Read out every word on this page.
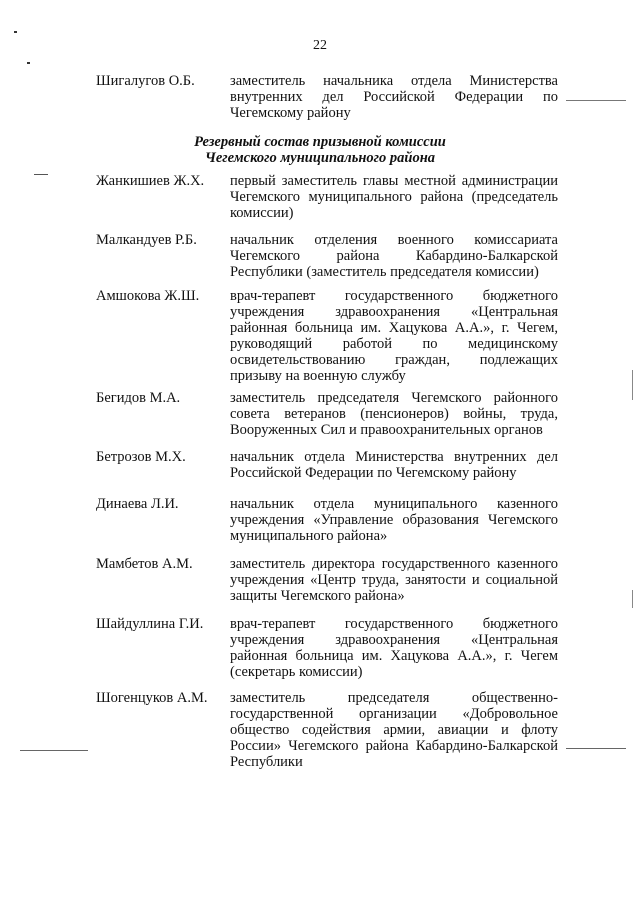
22
Шигалугов О.Б.	заместитель начальника отдела Министерства внутренних дел Российской Федерации по Чегемскому району
Резервный состав призывной комиссии
Чегемского муниципального района
Жанкишиев Ж.Х.	первый заместитель главы местной администрации Чегемского муниципального района (председатель комиссии)
Малкандуев Р.Б.	начальник отделения военного комиссариата Чегемского района Кабардино-Балкарской Республики (заместитель председателя комиссии)
Амшокова Ж.Ш.	врач-терапевт государственного бюджетного учреждения здравоохранения «Центральная районная больница им. Хацукова А.А.», г. Чегем, руководящий работой по медицинскому освидетельствованию граждан, подлежащих призыву на военную службу
Бегидов М.А.	заместитель председателя Чегемского районного совета ветеранов (пенсионеров) войны, труда, Вооруженных Сил и правоохранительных органов
Бетрозов М.Х.	начальник отдела Министерства внутренних дел Российской Федерации по Чегемскому району
Динаева Л.И.	начальник отдела муниципального казенного учреждения «Управление образования Чегемского муниципального района»
Мамбетов А.М.	заместитель директора государственного казенного учреждения «Центр труда, занятости и социальной защиты Чегемского района»
Шайдуллина Г.И.	врач-терапевт государственного бюджетного учреждения здравоохранения «Центральная районная больница им. Хацукова А.А.», г. Чегем (секретарь комиссии)
Шогенцуков А.М.	заместитель председателя общественно-государственной организации «Добровольное общество содействия армии, авиации и флоту России» Чегемского района Кабардино-Балкарской Республики
